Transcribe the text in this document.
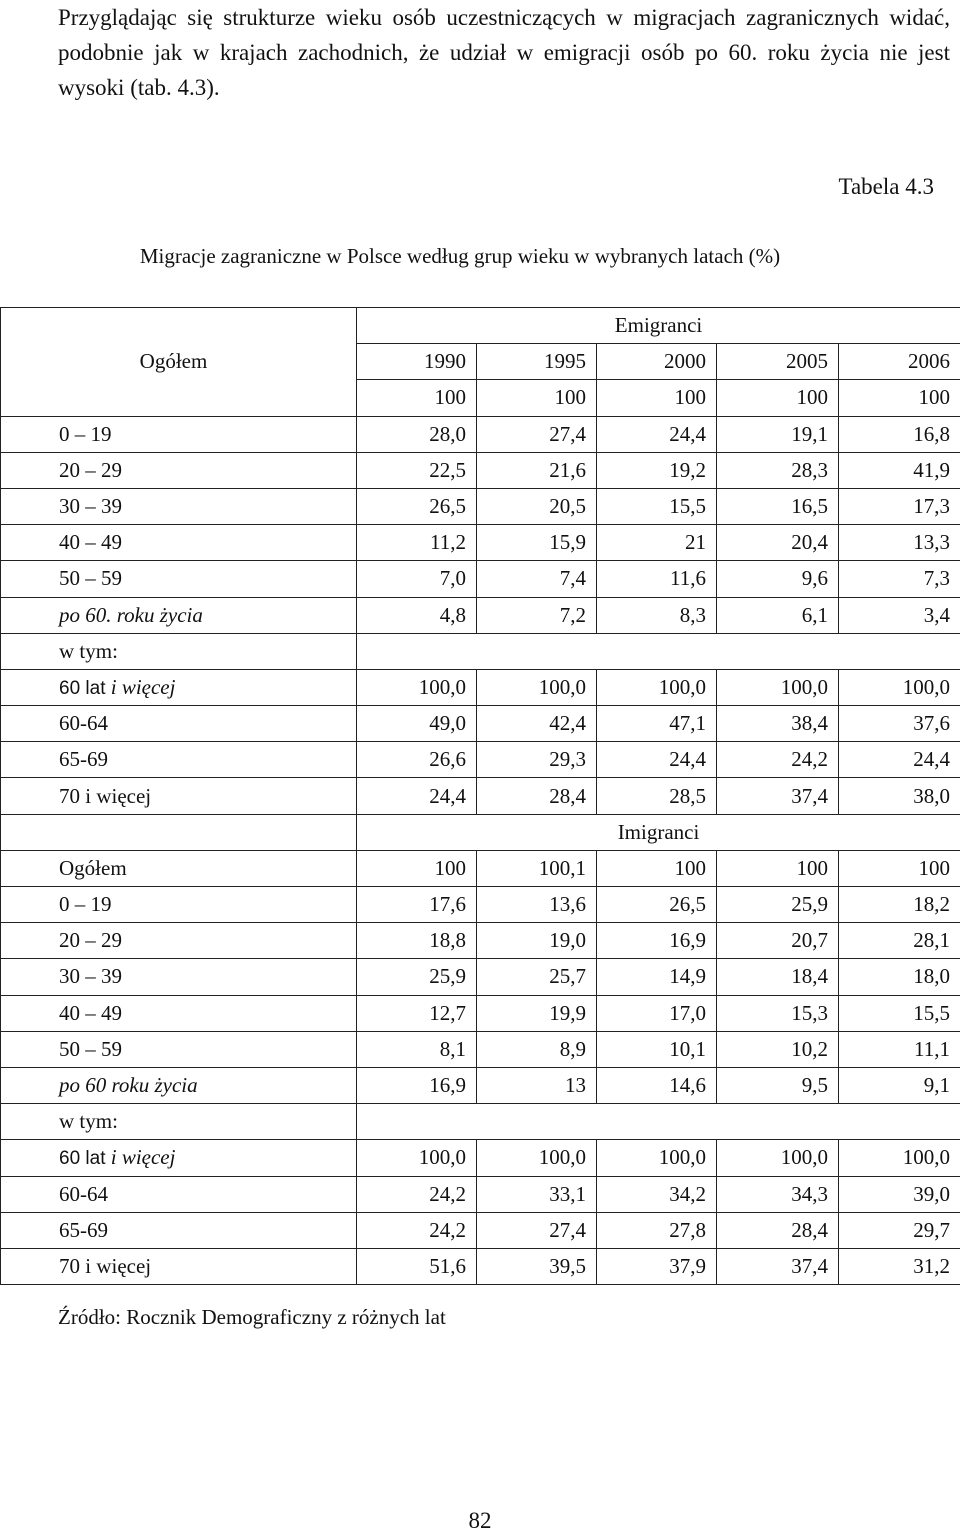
Przyglądając się strukturze wieku osób uczestniczących w migracjach zagranicznych widać, podobnie jak w krajach zachodnich, że udział w emigracji osób po 60. roku życia nie jest wysoki (tab. 4.3).

Tabela 4.3
Migracje zagraniczne w Polsce według grup wieku w wybranych latach (%)
Ogółem	Emigranci				
	1990	1995	2000	2005	2006
	100	100	100	100	100
0 – 19	28,0	27,4	24,4	19,1	16,8
20 – 29	22,5	21,6	19,2	28,3	41,9
30 – 39	26,5	20,5	15,5	16,5	17,3
40 – 49	11,2	15,9	21	20,4	13,3
50 – 59	7,0	7,4	11,6	9,6	7,3
po 60. roku życia	4,8	7,2	8,3	6,1	3,4
w tym:					
60 lat i więcej	100,0	100,0	100,0	100,0	100,0
60-64	49,0	42,4	47,1	38,4	37,6
65-69	26,6	29,3	24,4	24,2	24,4
70 i więcej	24,4	28,4	28,5	37,4	38,0
	Imigranci				
Ogółem	100	100,1	100	100	100
0 – 19	17,6	13,6	26,5	25,9	18,2
20 – 29	18,8	19,0	16,9	20,7	28,1
30 – 39	25,9	25,7	14,9	18,4	18,0
40 – 49	12,7	19,9	17,0	15,3	15,5
50 – 59	8,1	8,9	10,1	10,2	11,1
po 60 roku życia	16,9	13	14,6	9,5	9,1
w tym:					
60 lat i więcej	100,0	100,0	100,0	100,0	100,0
60-64	24,2	33,1	34,2	34,3	39,0
65-69	24,2	27,4	27,8	28,4	29,7
70 i więcej	51,6	39,5	37,9	37,4	31,2
Źródło: Rocznik Demograficzny z różnych lat
82
